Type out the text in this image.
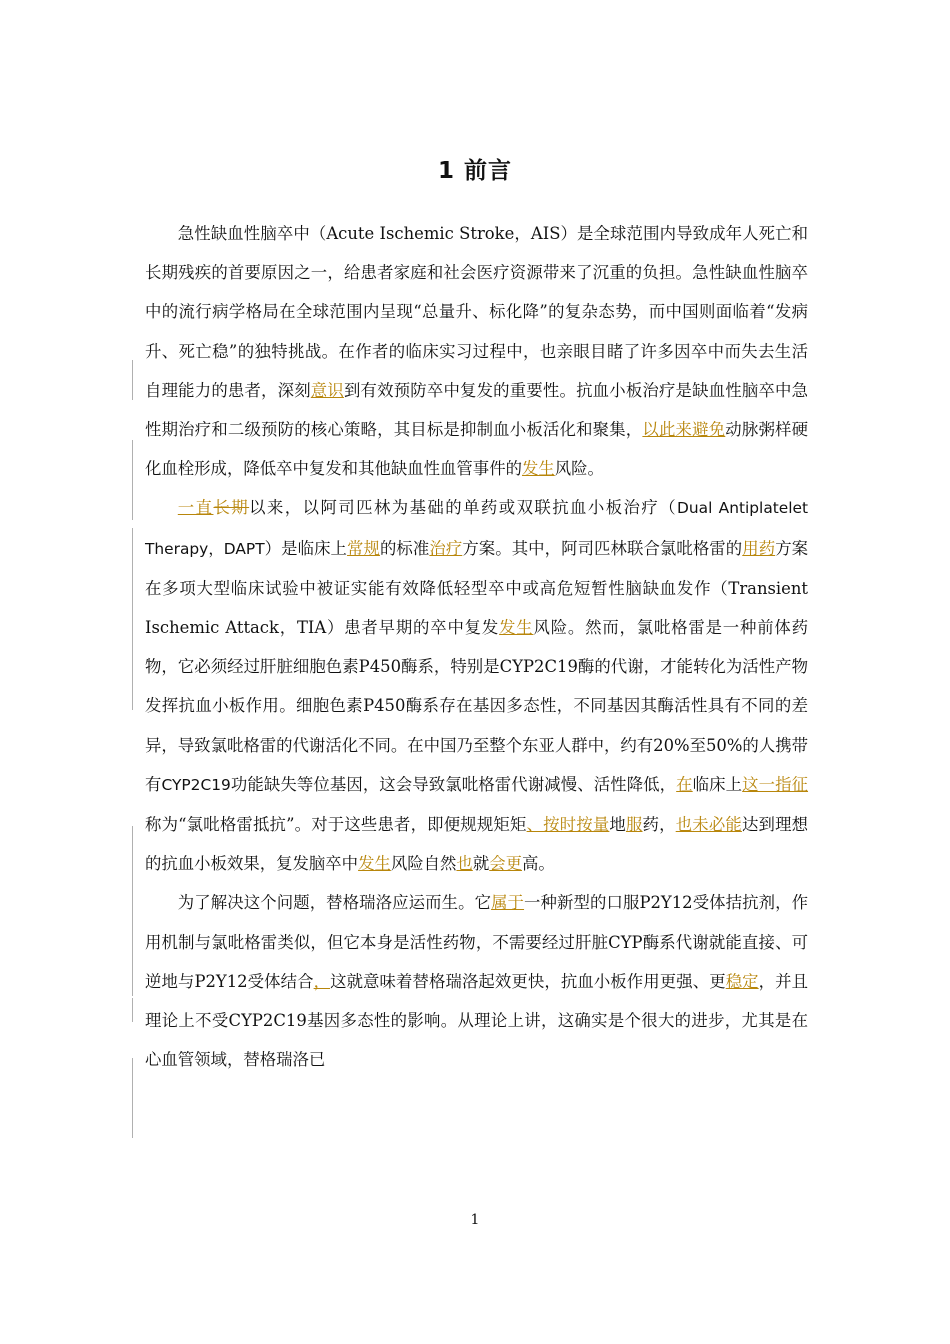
1 前言

急性缺血性脑卒中（Acute Ischemic Stroke，AIS）是全球范围内导致成年人死亡和长期残疾的首要原因之一，给患者家庭和社会医疗资源带来了沉重的负担。急性缺血性脑卒中的流行病学格局在全球范围内呈现“总量升、标化降”的复杂态势，而中国则面临着“发病升、死亡稳”的独特挑战。在作者的临床实习过程中，也亲眼目睹了许多因卒中而失去生活自理能力的患者，深刻意识到有效预防卒中复发的重要性。抗血小板治疗是缺血性脑卒中急性期治疗和二级预防的核心策略，其目标是抑制血小板活化和聚集，以此来避免动脉粥样硬化血栓形成，降低卒中复发和其他缺血性血管事件的发生风险。

一直长期以来，以阿司匹林为基础的单药或双联抗血小板治疗（Dual Antiplatelet Therapy，DAPT）是临床上常规的标准治疗方案。其中，阿司匹林联合氯吡格雷的用药方案在多项大型临床试验中被证实能有效降低轻型卒中或高危短暂性脑缺血发作（Transient Ischemic Attack，TIA）患者早期的卒中复发发生风险。然而，氯吡格雷是一种前体药物，它必须经过肝脏细胞色素P450酶系，特别是CYP2C19酶的代谢，才能转化为活性产物发挥抗血小板作用。细胞色素P450酶系存在基因多态性，不同基因其酶活性具有不同的差异，导致氯吡格雷的代谢活化不同。在中国乃至整个东亚人群中，约有20%至50%的人携带有CYP2C19功能缺失等位基因，这会导致氯吡格雷代谢减慢、活性降低，在临床上这一指征称为“氯吡格雷抵抗”。对于这些患者，即便规规矩矩、按时按量地服药，也未必能达到理想的抗血小板效果，复发脑卒中发生风险自然也就会更高。

为了解决这个问题，替格瑞洛应运而生。它属于一种新型的口服P2Y12受体拮抗剂，作用机制与氯吡格雷类似，但它本身是活性药物，不需要经过肝脏CYP酶系代谢就能直接、可逆地与P2Y12受体结合，这就意味着替格瑞洛起效更快，抗血小板作用更强、更稳定，并且理论上不受CYP2C19基因多态性的影响。从理论上讲，这确实是个很大的进步，尤其是在心血管领域，替格瑞洛已

1
